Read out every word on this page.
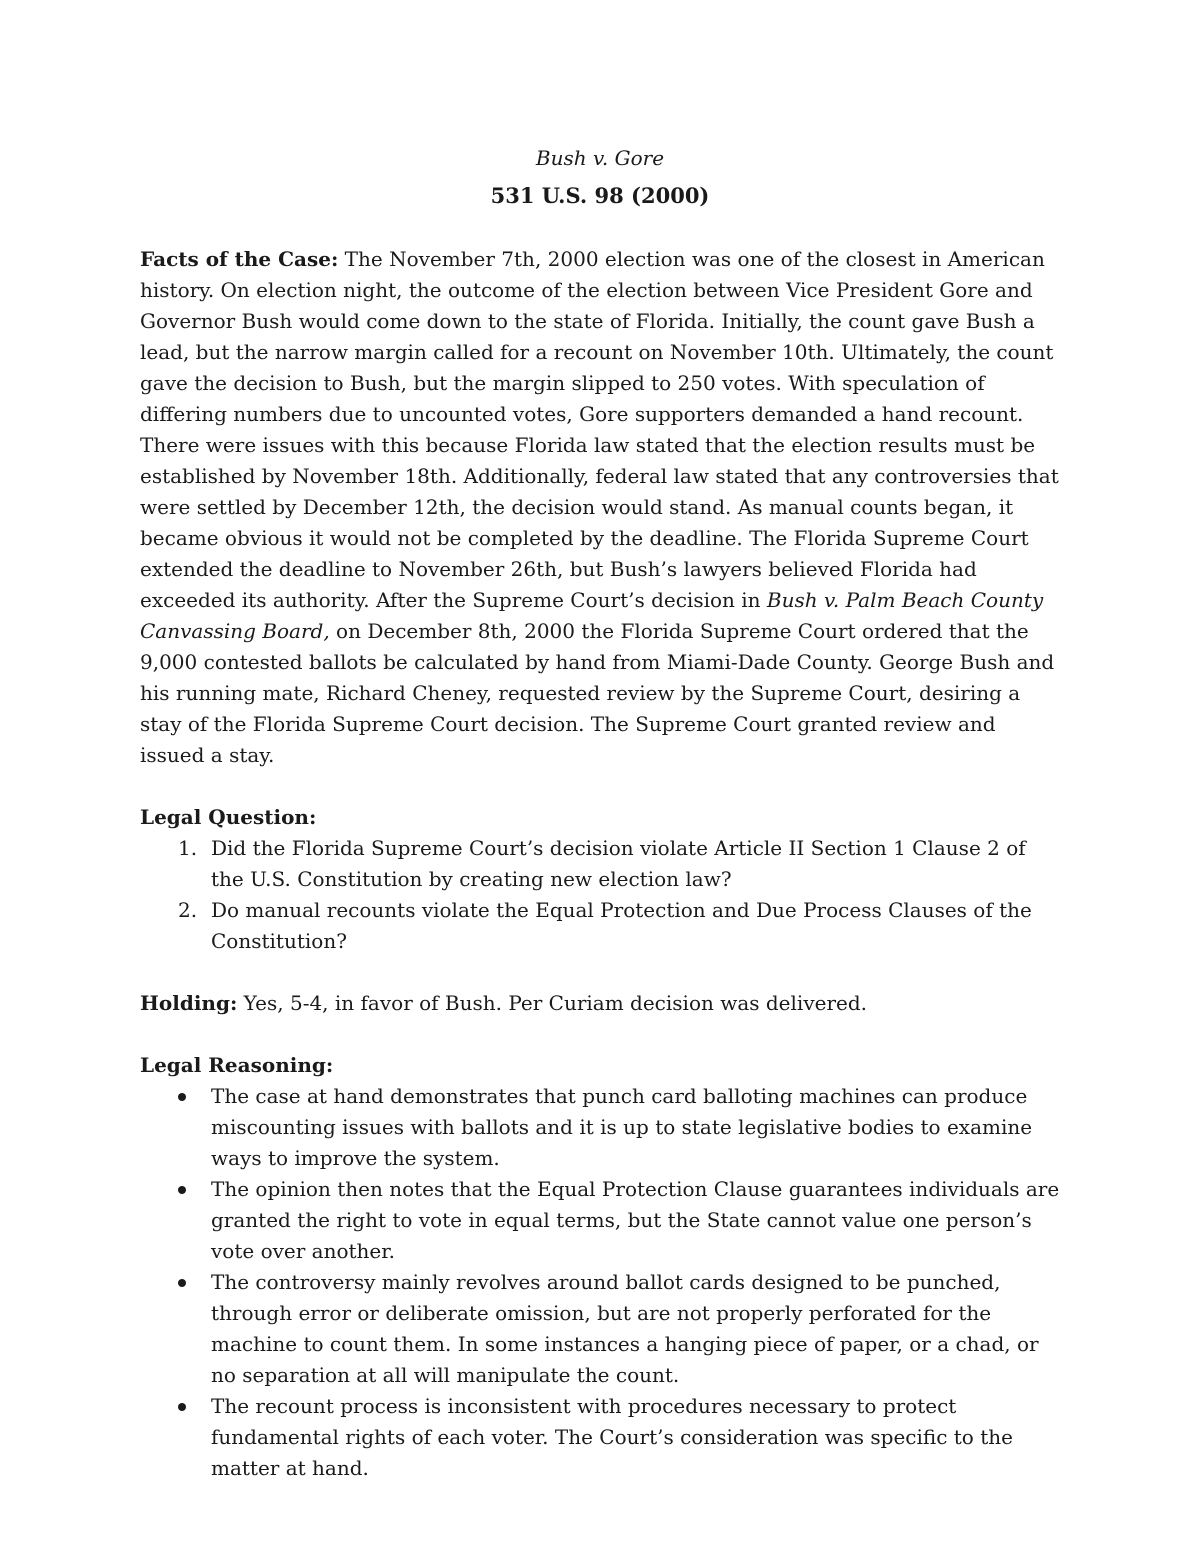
Bush v. Gore

531 U.S. 98 (2000)

Facts of the Case: The November 7th, 2000 election was one of the closest in American history. On election night, the outcome of the election between Vice President Gore and Governor Bush would come down to the state of Florida. Initially, the count gave Bush a lead, but the narrow margin called for a recount on November 10th. Ultimately, the count gave the decision to Bush, but the margin slipped to 250 votes. With speculation of differing numbers due to uncounted votes, Gore supporters demanded a hand recount. There were issues with this because Florida law stated that the election results must be established by November 18th. Additionally, federal law stated that any controversies that were settled by December 12th, the decision would stand. As manual counts began, it became obvious it would not be completed by the deadline. The Florida Supreme Court extended the deadline to November 26th, but Bush’s lawyers believed Florida had exceeded its authority. After the Supreme Court’s decision in Bush v. Palm Beach County Canvassing Board, on December 8th, 2000 the Florida Supreme Court ordered that the 9,000 contested ballots be calculated by hand from Miami-Dade County. George Bush and his running mate, Richard Cheney, requested review by the Supreme Court, desiring a stay of the Florida Supreme Court decision. The Supreme Court granted review and issued a stay.

Legal Question:

1. Did the Florida Supreme Court’s decision violate Article II Section 1 Clause 2 of the U.S. Constitution by creating new election law?
2. Do manual recounts violate the Equal Protection and Due Process Clauses of the Constitution?

Holding: Yes, 5-4, in favor of Bush. Per Curiam decision was delivered.

Legal Reasoning:

The case at hand demonstrates that punch card balloting machines can produce miscounting issues with ballots and it is up to state legislative bodies to examine ways to improve the system.
The opinion then notes that the Equal Protection Clause guarantees individuals are granted the right to vote in equal terms, but the State cannot value one person’s vote over another.
The controversy mainly revolves around ballot cards designed to be punched, through error or deliberate omission, but are not properly perforated for the machine to count them. In some instances a hanging piece of paper, or a chad, or no separation at all will manipulate the count.
The recount process is inconsistent with procedures necessary to protect fundamental rights of each voter. The Court’s consideration was specific to the matter at hand.
